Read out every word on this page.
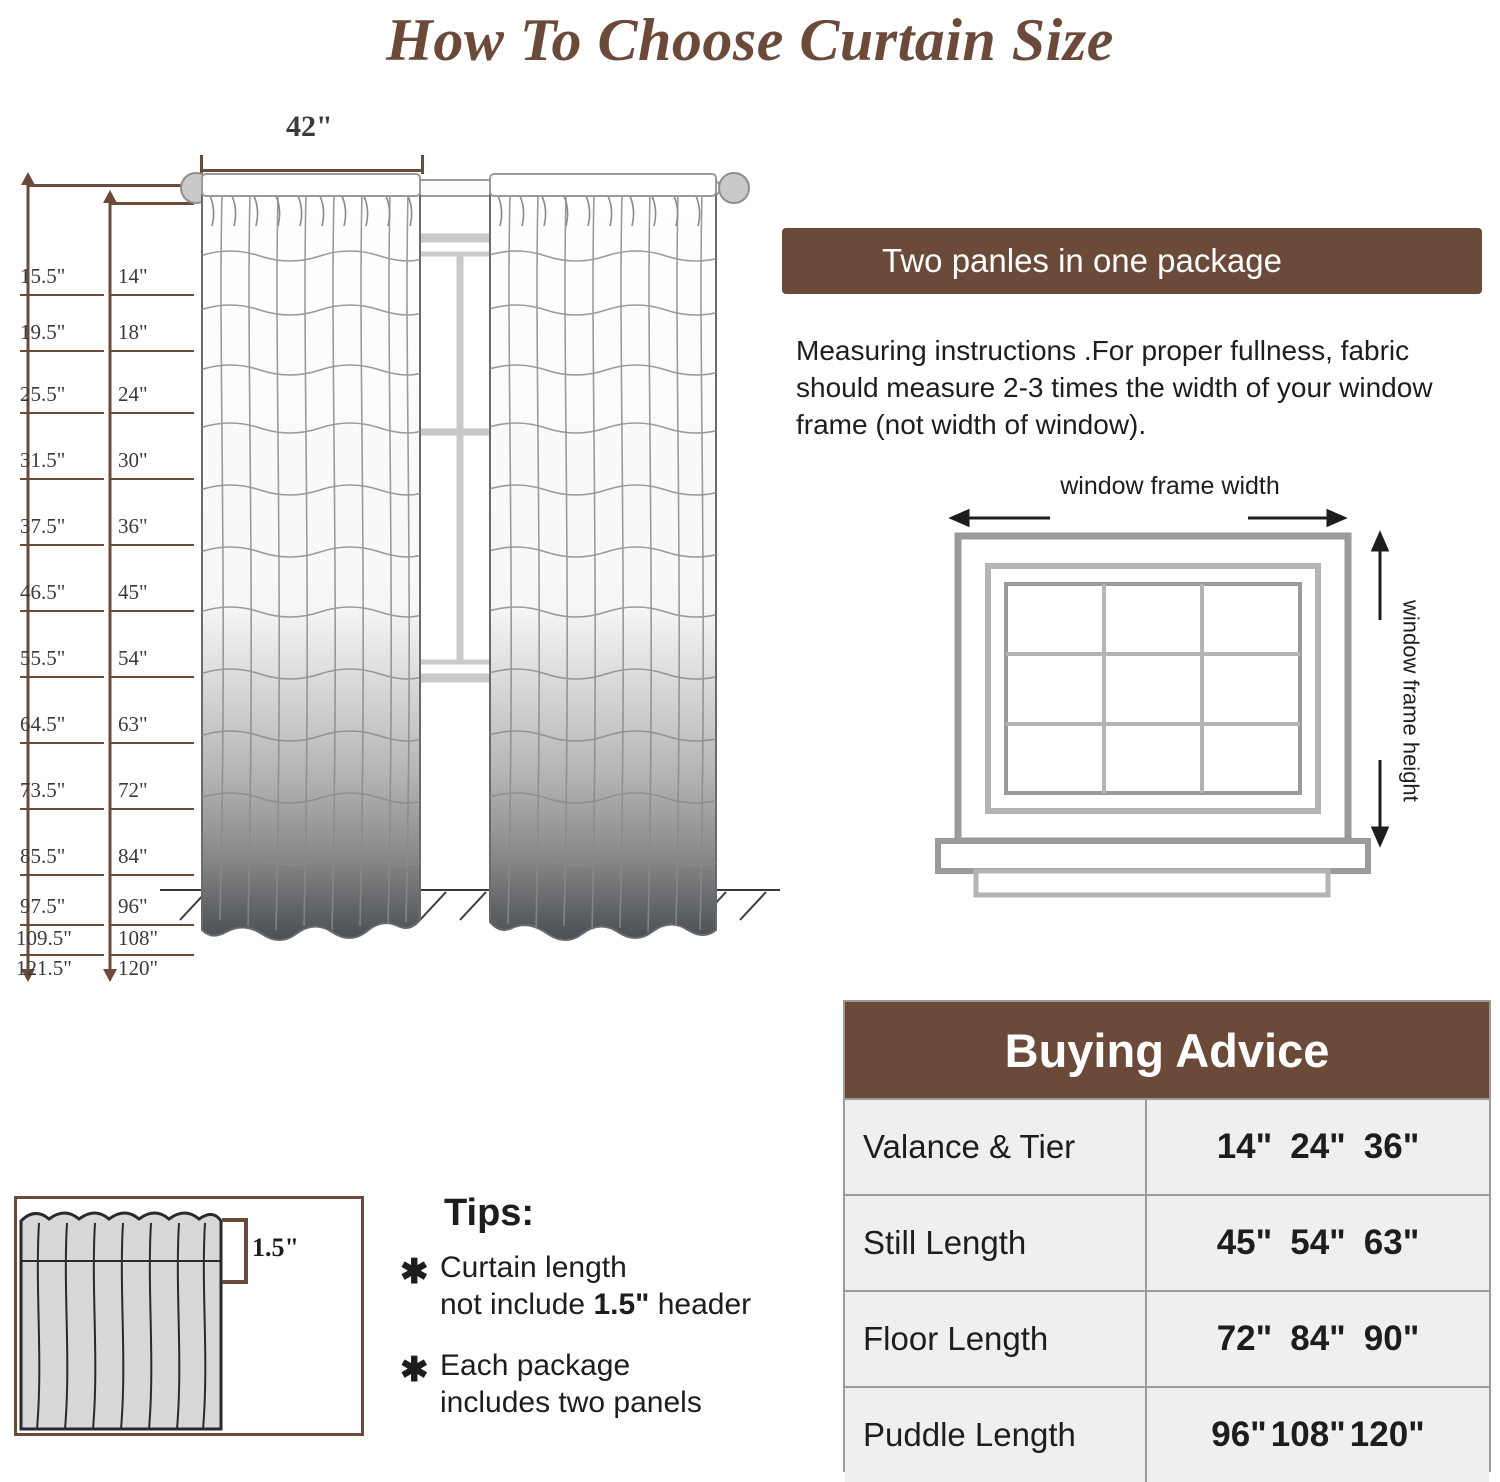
How To Choose Curtain Size
15.5"
19.5"
25.5"
31.5"
37.5"
46.5"
55.5"
64.5"
73.5"
85.5"
97.5"
109.5"
121.5"
14"
18"
24"
30"
36"
45"
54"
63"
72"
84"
96"
108"
120"
42"
Two panles in one package
Measuring instructions .For proper fullness, fabric should measure 2-3 times the width of your window frame (not width of window).
window frame width
window frame height
Buying Advice
Valance & Tier	14" 24" 36"
Still Length	45" 54" 63"
Floor Length	72" 84" 90"
Puddle Length	96" 108" 120"
1.5"
Tips:
✱ Curtain length
not include 1.5" header
✱ Each package
includes two panels
